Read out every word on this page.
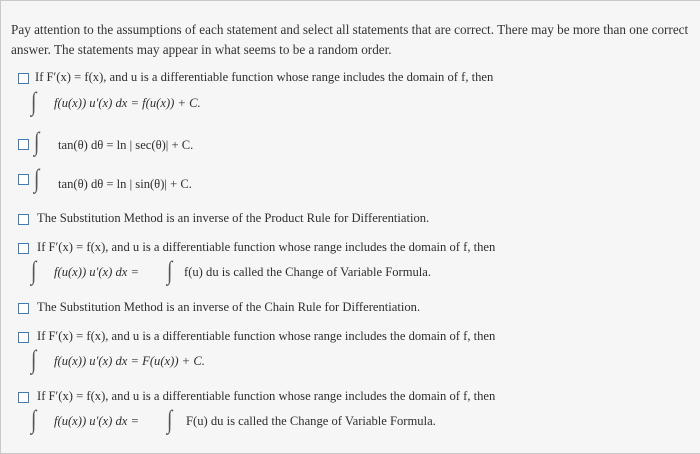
Pay attention to the assumptions of each statement and select all statements that are correct. There may be more than one correct answer. The statements may appear in what seems to be a random order.
If F′(x) = f(x), and u is a differentiable function whose range includes the domain of f, then
∫ f(u(x)) u′(x) dx = f(u(x)) + C.
∫ tan(θ) dθ = ln | sec(θ)| + C.
∫ tan(θ) dθ = ln | sin(θ)| + C.
The Substitution Method is an inverse of the Product Rule for Differentiation.
If F′(x) = f(x), and u is a differentiable function whose range includes the domain of f, then
∫ f(u(x)) u′(x) dx = ∫ f(u) du is called the Change of Variable Formula.
The Substitution Method is an inverse of the Chain Rule for Differentiation.
If F′(x) = f(x), and u is a differentiable function whose range includes the domain of f, then
∫ f(u(x)) u′(x) dx = F(u(x)) + C.
If F′(x) = f(x), and u is a differentiable function whose range includes the domain of f, then
∫ f(u(x)) u′(x) dx = ∫ F(u) du is called the Change of Variable Formula.
